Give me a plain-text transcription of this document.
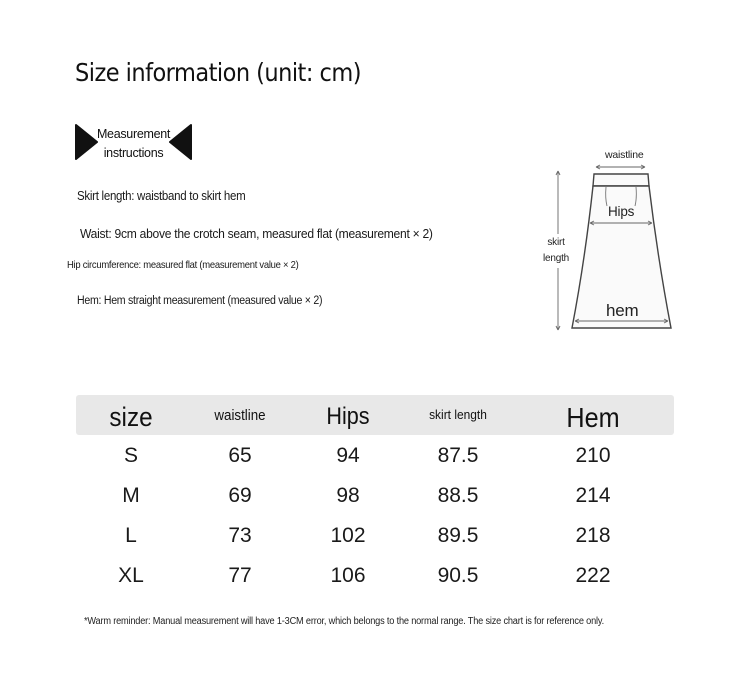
Size information (unit: cm)
Measurement
instructions
Skirt length: waistband to skirt hem
Waist: 9cm above the crotch seam, measured flat (measurement × 2)
Hip circumference: measured flat (measurement value × 2)
Hem: Hem straight measurement (measured value × 2)
waistline
Hips
skirt
length
hem
size	waistline	Hips	skirt length	Hem
S	65	94	87.5	210
M	69	98	88.5	214
L	73	102	89.5	218
XL	77	106	90.5	222
*Warm reminder: Manual measurement will have 1-3CM error, which belongs to the normal range. The size chart is for reference only.
